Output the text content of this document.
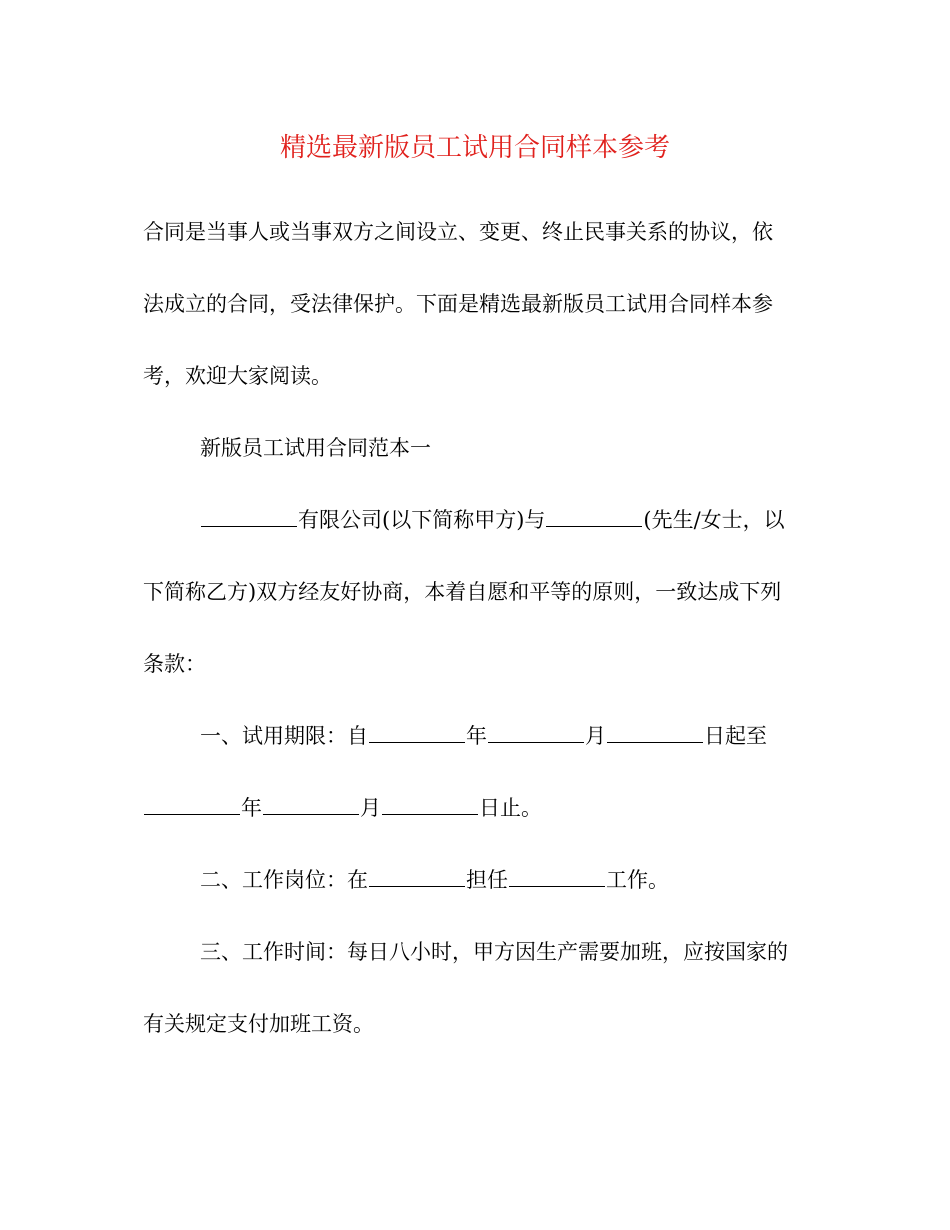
精选最新版员工试用合同样本参考
合同是当事人或当事双方之间设立、变更、终止民事关系的协议，依
法成立的合同，受法律保护。下面是精选最新版员工试用合同样本参
考，欢迎大家阅读。
新版员工试用合同范本一
有限公司(以下简称甲方)与	(先生/女士，以
下简称乙方)双方经友好协商，本着自愿和平等的原则，一致达成下列
条款：
一、试用期限：自	年	月	日起至
年	月	日止。
二、工作岗位：在	担任	工作。
三、工作时间：每日八小时，甲方因生产需要加班，应按国家的
有关规定支付加班工资。
